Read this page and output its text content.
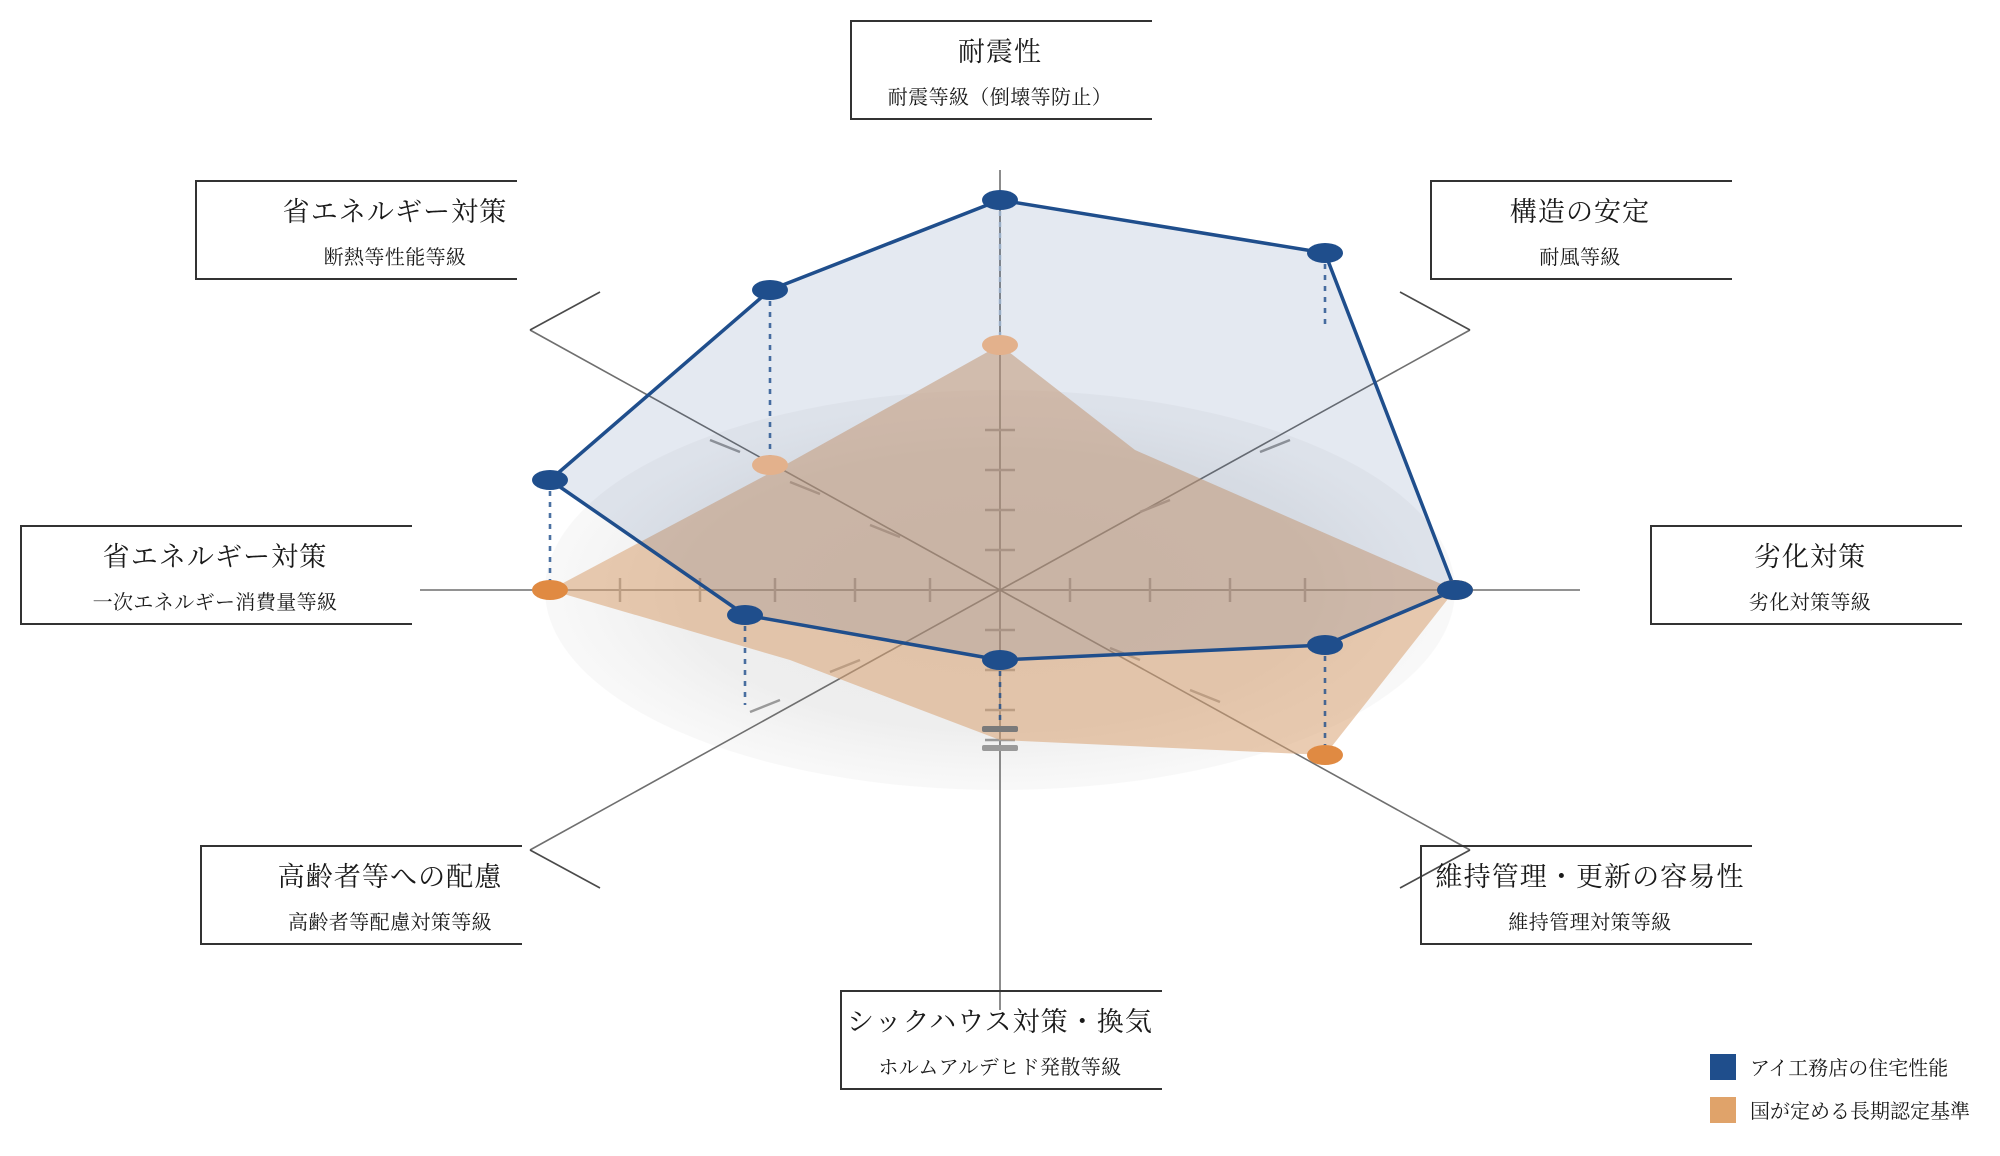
耐震性
耐震等級（倒壊等防止）
構造の安定
耐風等級
劣化対策
劣化対策等級
維持管理・更新の容易性
維持管理対策等級
シックハウス対策・換気
ホルムアルデヒド発散等級
高齢者等への配慮
高齢者等配慮対策等級
省エネルギー対策
一次エネルギー消費量等級
省エネルギー対策
断熱等性能等級
アイ工務店の住宅性能
国が定める長期認定基準
